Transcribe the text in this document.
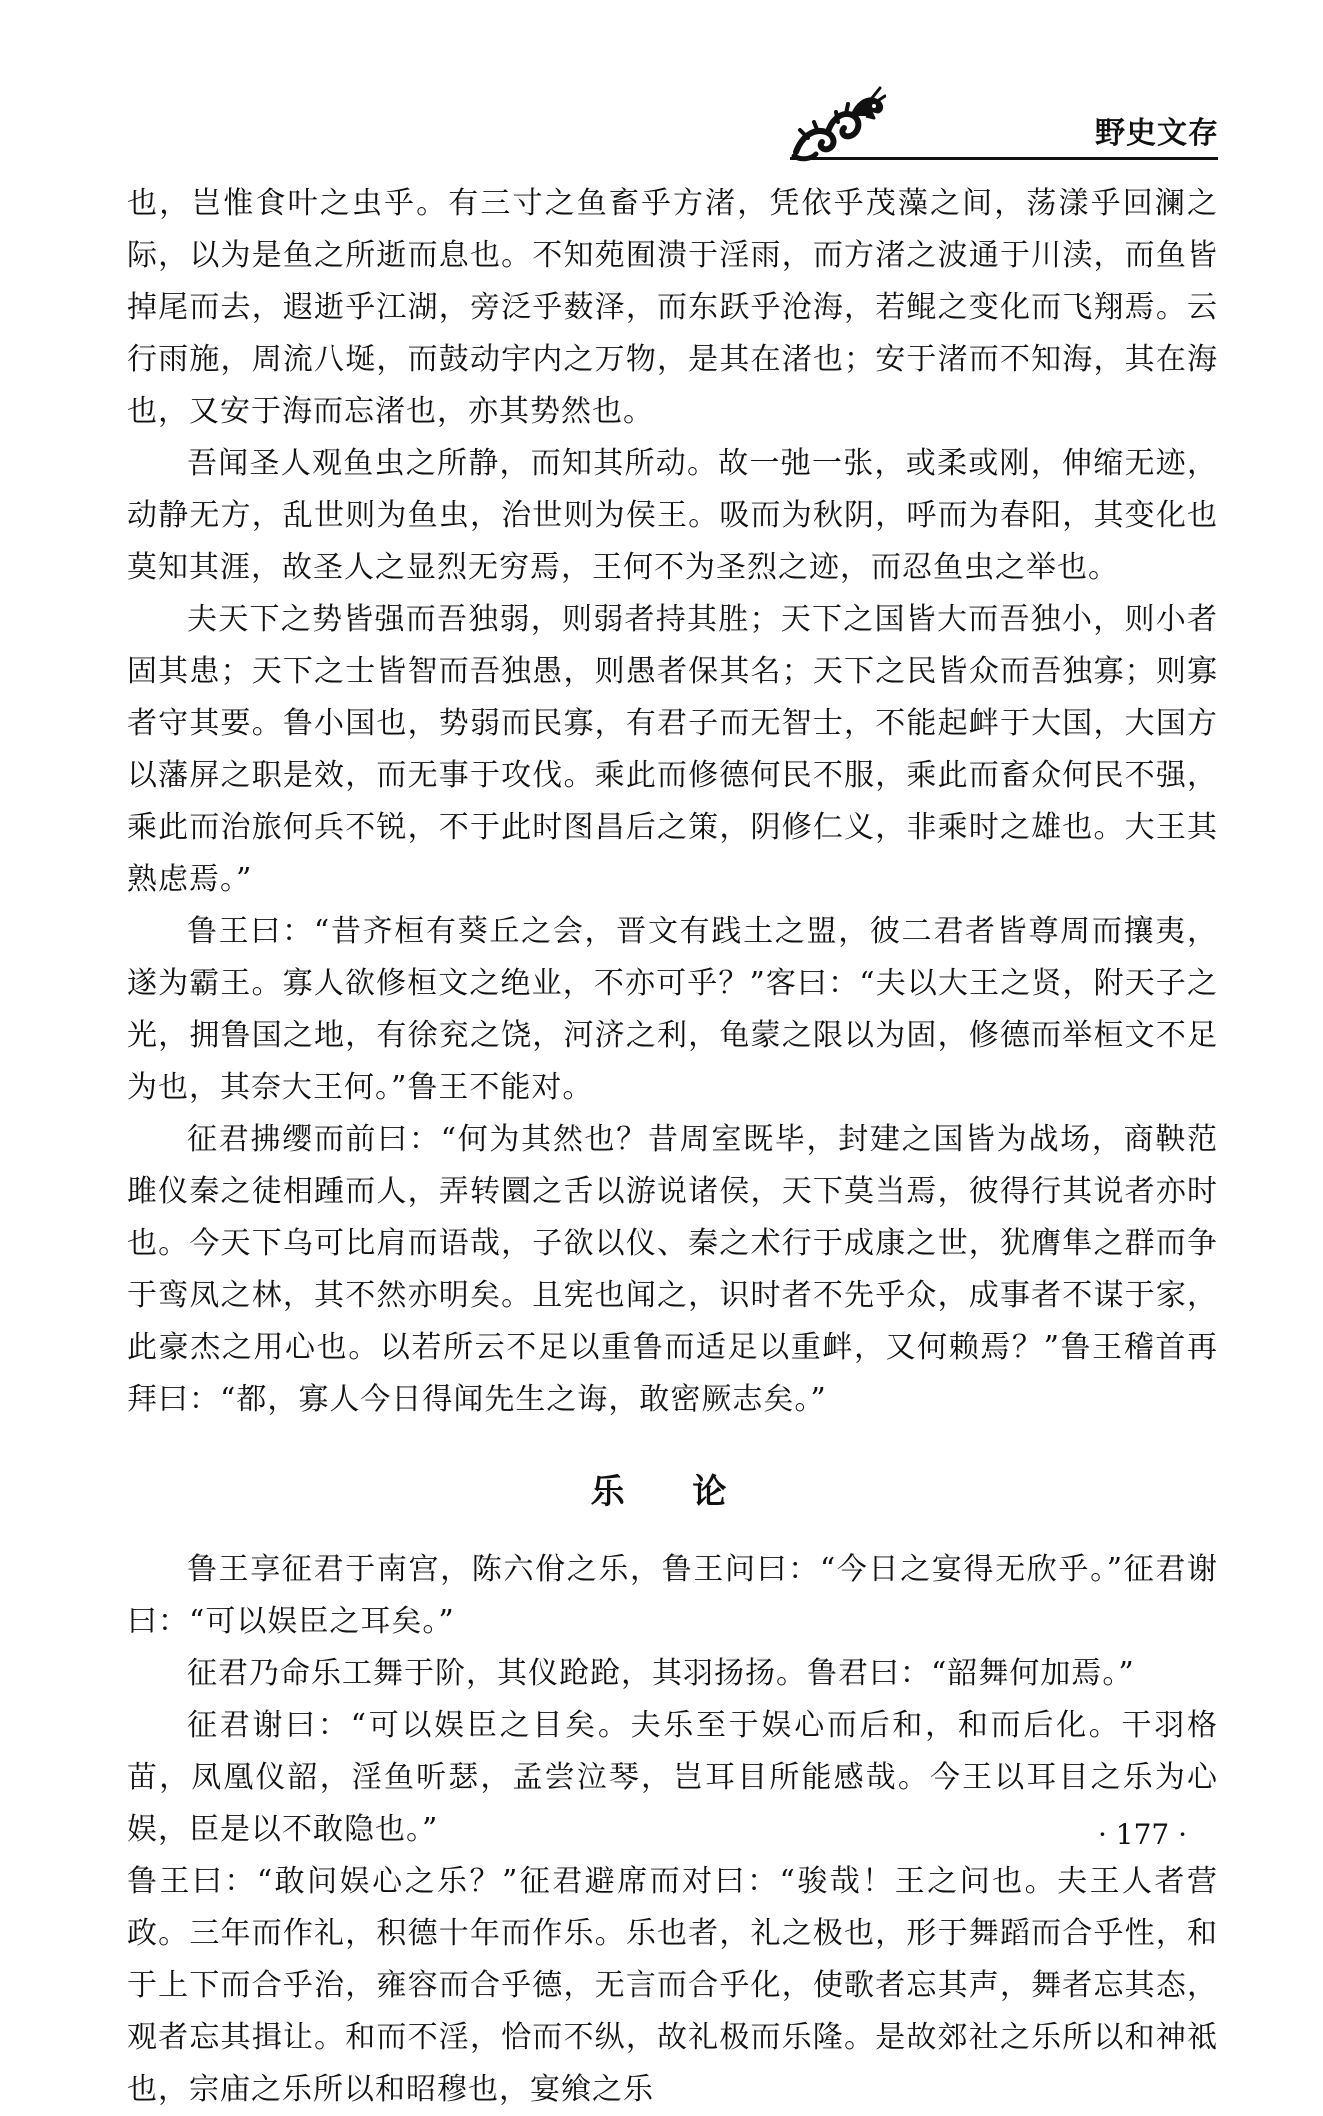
野史文存

也，岂惟食叶之虫乎。有三寸之鱼畜乎方渚，凭依乎茂藻之间，荡漾乎回澜之际，以为是鱼之所逝而息也。不知苑囿溃于淫雨，而方渚之波通于川渎，而鱼皆掉尾而去，遐逝乎江湖，旁泛乎薮泽，而东跃乎沧海，若鲲之变化而飞翔焉。云行雨施，周流八埏，而鼓动宇内之万物，是其在渚也；安于渚而不知海，其在海也，又安于海而忘渚也，亦其势然也。

吾闻圣人观鱼虫之所静，而知其所动。故一弛一张，或柔或刚，伸缩无迹，动静无方，乱世则为鱼虫，治世则为侯王。吸而为秋阴，呼而为春阳，其变化也莫知其涯，故圣人之显烈无穷焉，王何不为圣烈之迹，而忍鱼虫之举也。

夫天下之势皆强而吾独弱，则弱者持其胜；天下之国皆大而吾独小，则小者固其患；天下之士皆智而吾独愚，则愚者保其名；天下之民皆众而吾独寡；则寡者守其要。鲁小国也，势弱而民寡，有君子而无智士，不能起衅于大国，大国方以藩屏之职是效，而无事于攻伐。乘此而修德何民不服，乘此而畜众何民不强，乘此而治旅何兵不锐，不于此时图昌后之策，阴修仁义，非乘时之雄也。大王其熟虑焉。”

鲁王曰：“昔齐桓有葵丘之会，晋文有践土之盟，彼二君者皆尊周而攘夷，遂为霸王。寡人欲修桓文之绝业，不亦可乎？”客曰：“夫以大王之贤，附天子之光，拥鲁国之地，有徐兖之饶，河济之利，龟蒙之限以为固，修德而举桓文不足为也，其奈大王何。”鲁王不能对。

征君拂缨而前曰：“何为其然也？昔周室既毕，封建之国皆为战场，商鞅范雎仪秦之徒相踵而人，弄转圜之舌以游说诸侯，天下莫当焉，彼得行其说者亦时也。今天下乌可比肩而语哉，子欲以仪、秦之术行于成康之世，犹膺隼之群而争于鸾凤之林，其不然亦明矣。且宪也闻之，识时者不先乎众，成事者不谋于家，此豪杰之用心也。以若所云不足以重鲁而适足以重衅，又何赖焉？”鲁王稽首再拜曰：“都，寡人今日得闻先生之诲，敢密厥志矣。”

乐 论

鲁王享征君于南宫，陈六佾之乐，鲁王问曰：“今日之宴得无欣乎。”征君谢曰：“可以娱臣之耳矣。”

征君乃命乐工舞于阶，其仪跄跄，其羽扬扬。鲁君曰：“韶舞何加焉。”

征君谢曰：“可以娱臣之目矣。夫乐至于娱心而后和，和而后化。干羽格苗，凤凰仪韶，淫鱼听瑟，孟尝泣琴，岂耳目所能感哉。今王以耳目之乐为心娱，臣是以不敢隐也。”

鲁王曰：“敢问娱心之乐？”征君避席而对曰：“骏哉！王之问也。夫王人者营政。三年而作礼，积德十年而作乐。乐也者，礼之极也，形于舞蹈而合乎性，和于上下而合乎治，雍容而合乎德，无言而合乎化，使歌者忘其声，舞者忘其态，观者忘其揖让。和而不淫，恰而不纵，故礼极而乐隆。是故郊社之乐所以和神祗也，宗庙之乐所以和昭穆也，宴飨之乐

· 177 ·
